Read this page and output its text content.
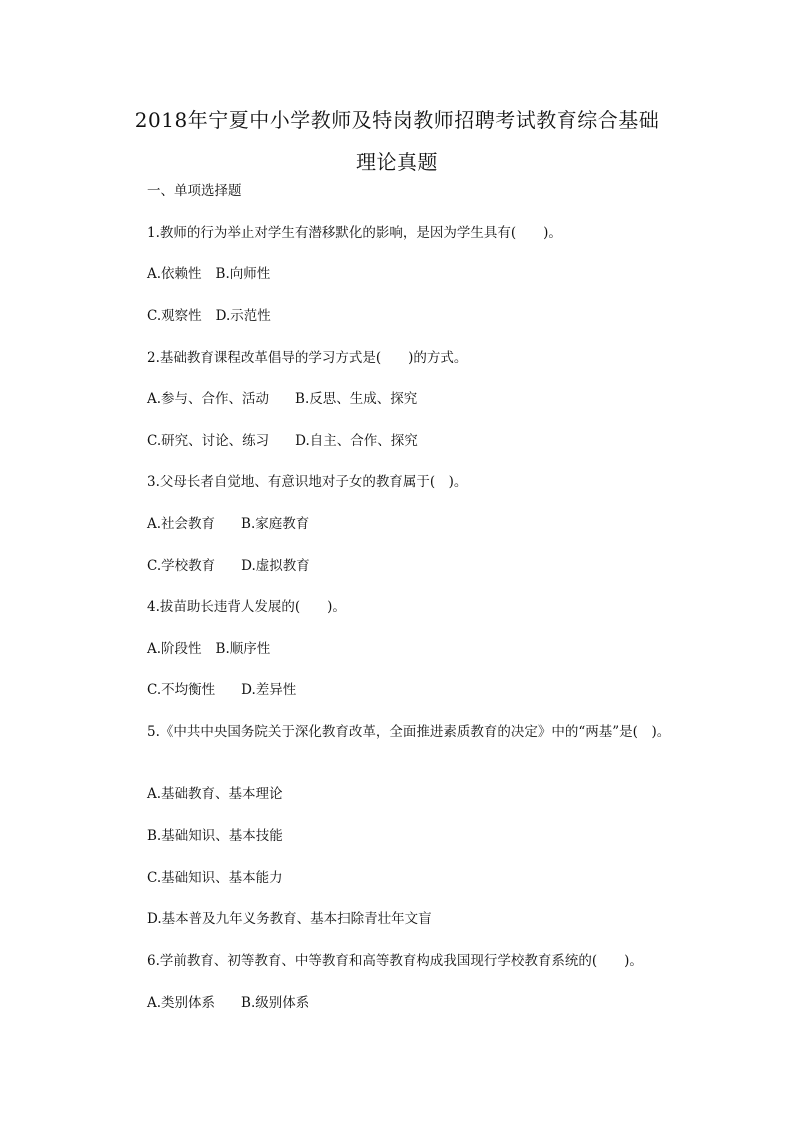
2018年宁夏中小学教师及特岗教师招聘考试教育综合基础
理论真题
一、单项选择题
1.教师的行为举止对学生有潜移默化的影响，是因为学生具有(　　)。
A.依赖性 B.向师性
C.观察性 D.示范性
2.基础教育课程改革倡导的学习方式是(　　)的方式。
A.参与、合作、活动 B.反思、生成、探究
C.研究、讨论、练习 D.自主、合作、探究
3.父母长者自觉地、有意识地对子女的教育属于(　)。
A.社会教育 B.家庭教育
C.学校教育 D.虚拟教育
4.拔苗助长违背人发展的(　　)。
A.阶段性 B.顺序性
C.不均衡性 D.差异性
5.《中共中央国务院关于深化教育改革，全面推进素质教育的决定》中的“两基”是(　)。
A.基础教育、基本理论
B.基础知识、基本技能
C.基础知识、基本能力
D.基本普及九年义务教育、基本扫除青壮年文盲
6.学前教育、初等教育、中等教育和高等教育构成我国现行学校教育系统的(　　)。
A.类别体系 B.级别体系
